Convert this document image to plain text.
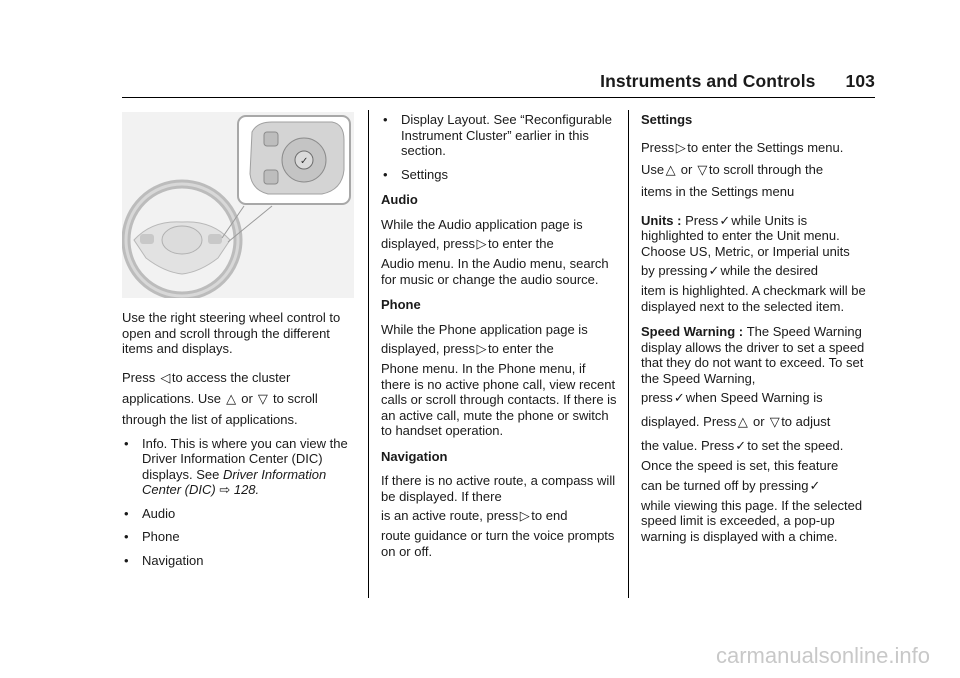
Instruments and Controls 103
✓

Use the right steering wheel control to open and scroll through the different items and displays.

Press ◁ to access the cluster
applications. Use △ or ▽ to scroll
through the list of applications.

• Info. This is where you can view the Driver Information Center (DIC) displays. See Driver Information Center (DIC) ⇨ 128.
• Audio
• Phone
• Navigation
• Display Layout. See “Reconfigurable Instrument Cluster” earlier in this section.
• Settings
Audio

While the Audio application page is
displayed, press ▷ to enter the
Audio menu. In the Audio menu, search for music or change the audio source.

Phone

While the Phone application page is
displayed, press ▷ to enter the
Phone menu. In the Phone menu, if there is no active phone call, view recent calls or scroll through contacts. If there is an active call, mute the phone or switch to handset operation.

Navigation

If there is no active route, a compass will be displayed. If there
is an active route, press ▷ to end
route guidance or turn the voice prompts on or off.

Settings

Press ▷ to enter the Settings menu.
Use △ or ▽ to scroll through the
items in the Settings menu

Units : Press✓while Units is
highlighted to enter the Unit menu. Choose US, Metric, or Imperial units
by pressing✓while the desired
item is highlighted. A checkmark will be displayed next to the selected item.

Speed Warning : The Speed Warning display allows the driver to set a speed that they do not want to exceed. To set the Speed Warning,
press✓when Speed Warning is
displayed. Press △ or ▽ to adjust
the value. Press✓to set the speed.
Once the speed is set, this feature
can be turned off by pressing✓
while viewing this page. If the selected speed limit is exceeded, a pop-up warning is displayed with a chime.

carmanualsonline.info
